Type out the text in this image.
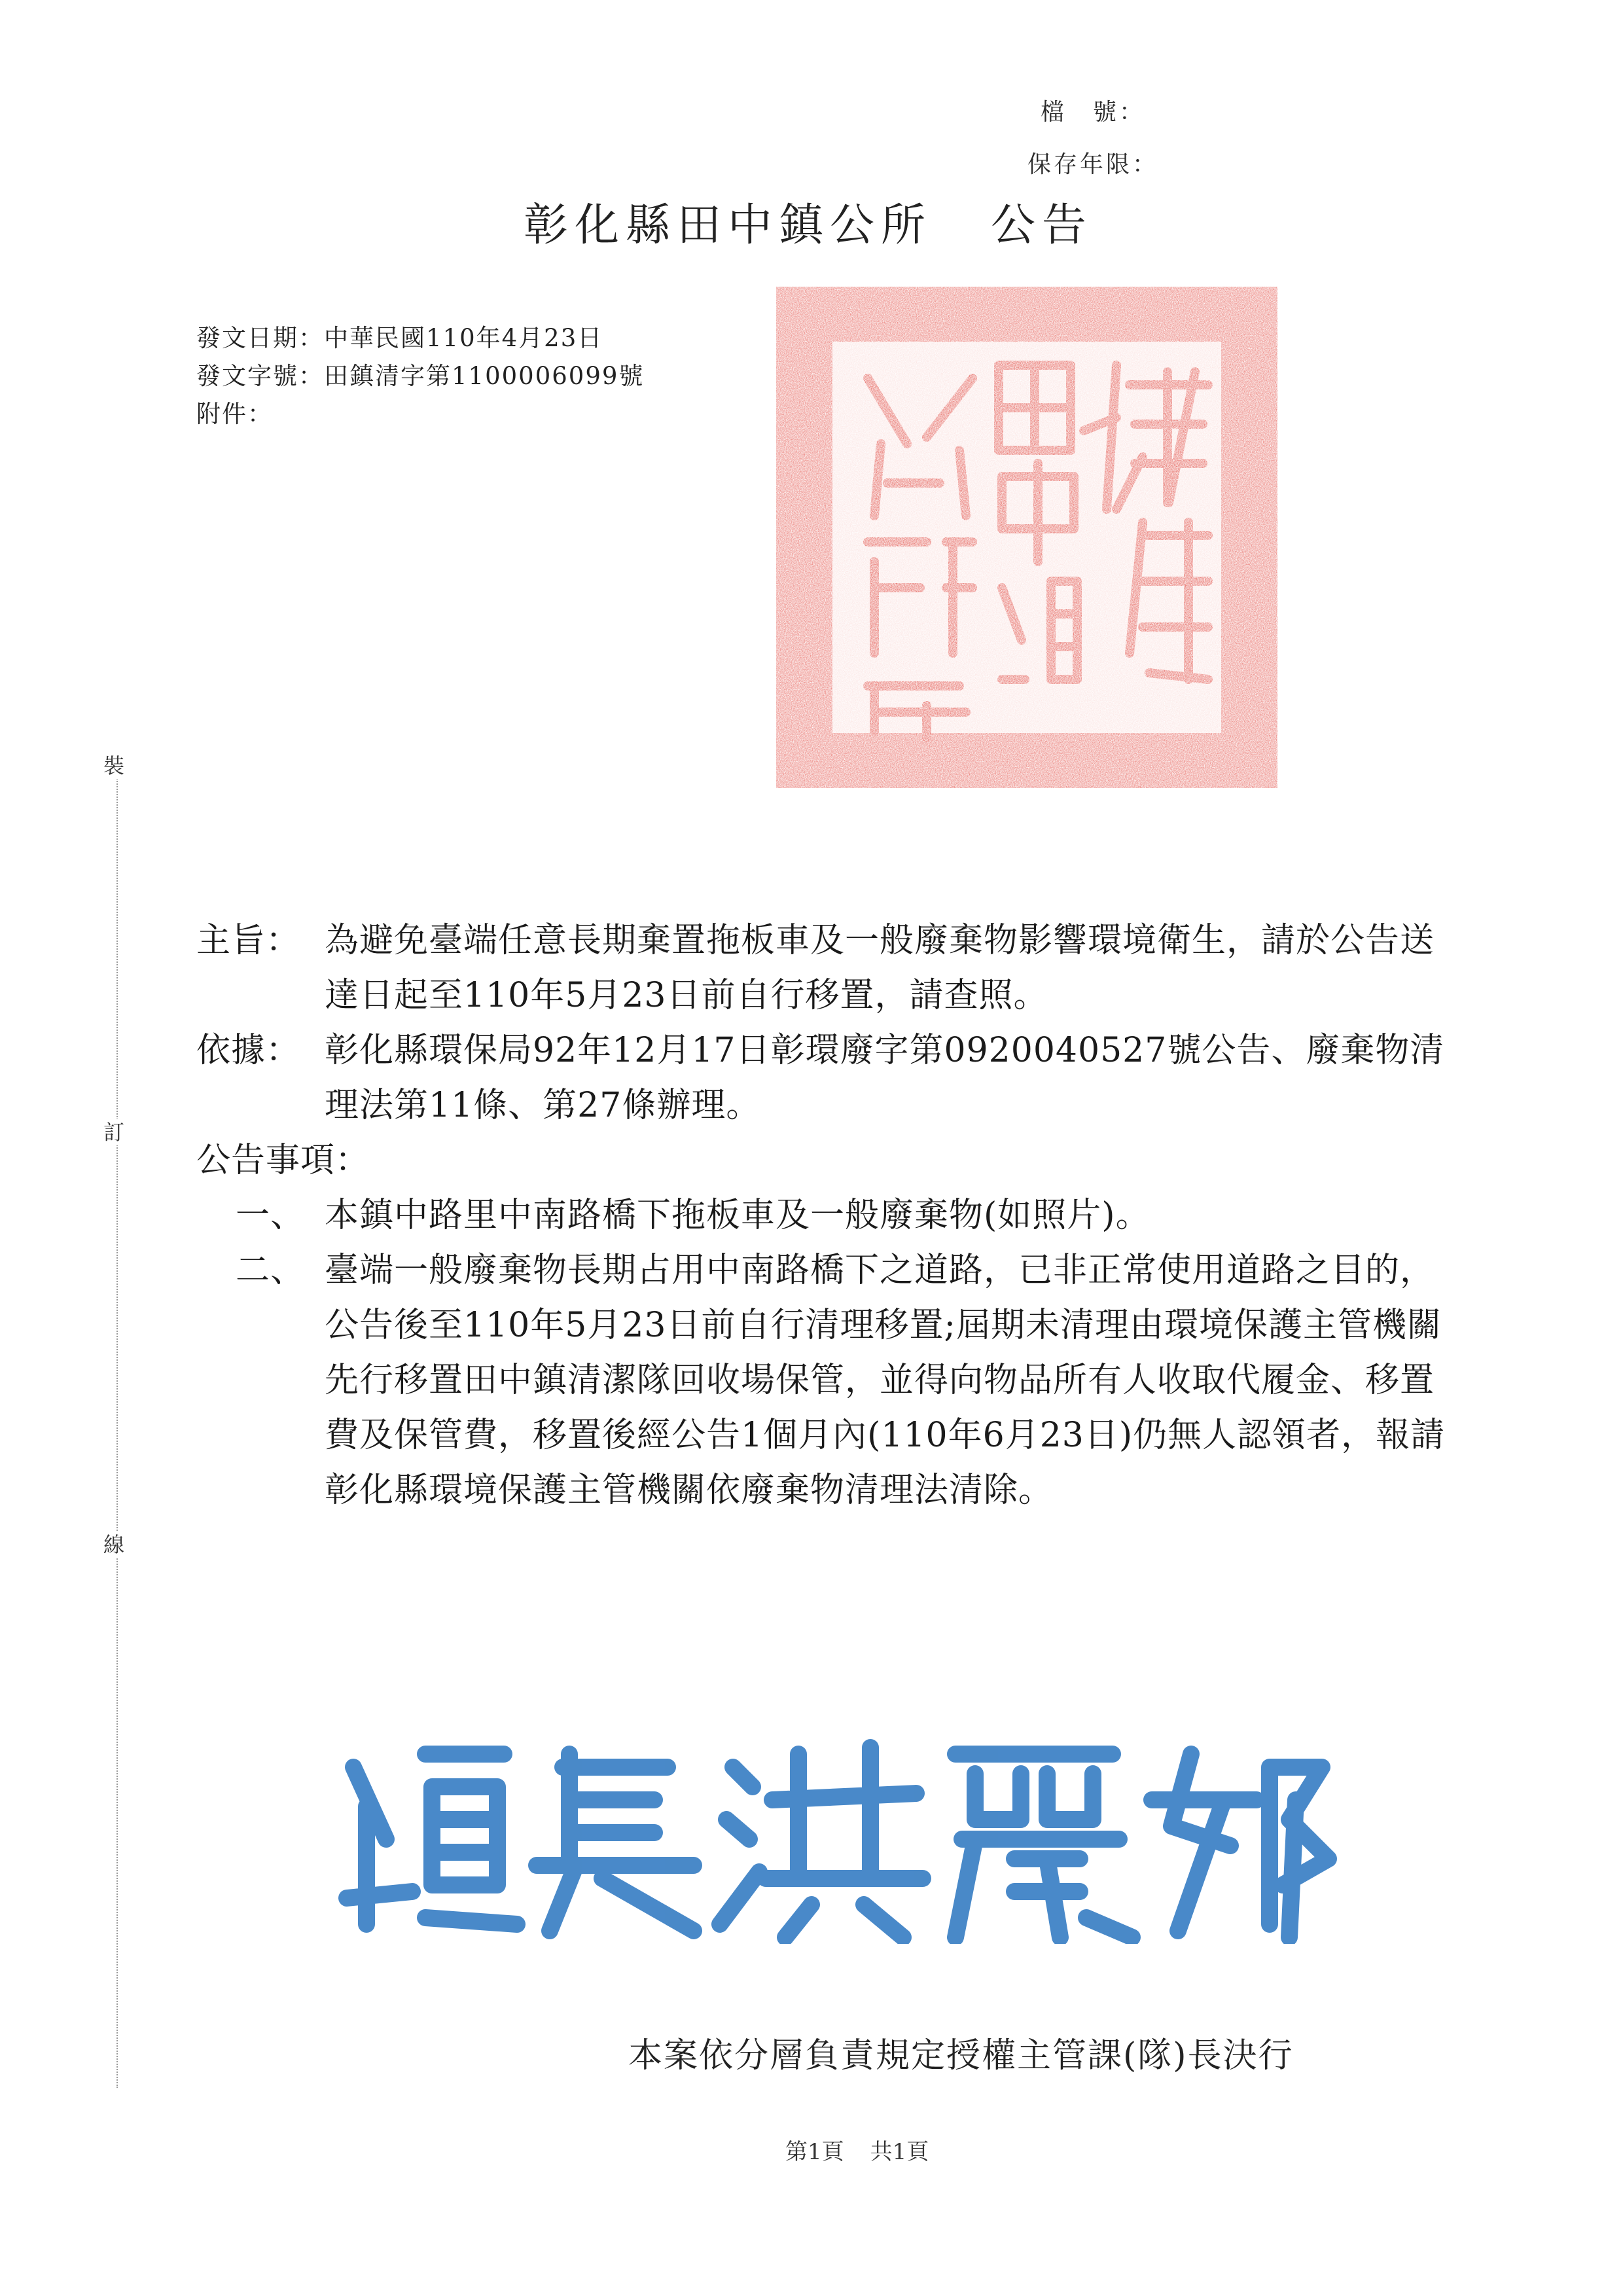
檔　號：
保存年限：
彰化縣田中鎮公所 公告
發文日期：中華民國110年4月23日
發文字號：田鎮清字第1100006099號
附件：
裝
訂
線
主旨： 為避免臺端任意長期棄置拖板車及一般廢棄物影響環境衛生，請於公告送達日起至110年5月23日前自行移置，請查照。
依據： 彰化縣環保局92年12月17日彰環廢字第0920040527號公告、廢棄物清理法第11條、第27條辦理。
公告事項：
一、 本鎮中路里中南路橋下拖板車及一般廢棄物(如照片)。
二、 臺端一般廢棄物長期占用中南路橋下之道路，已非正常使用道路之目的，公告後至110年5月23日前自行清理移置;屆期未清理由環境保護主管機關先行移置田中鎮清潔隊回收場保管，並得向物品所有人收取代履金、移置費及保管費，移置後經公告1個月內(110年6月23日)仍無人認領者，報請彰化縣環境保護主管機關依廢棄物清理法清除。
本案依分層負責規定授權主管課(隊)長決行
第1頁 共1頁
